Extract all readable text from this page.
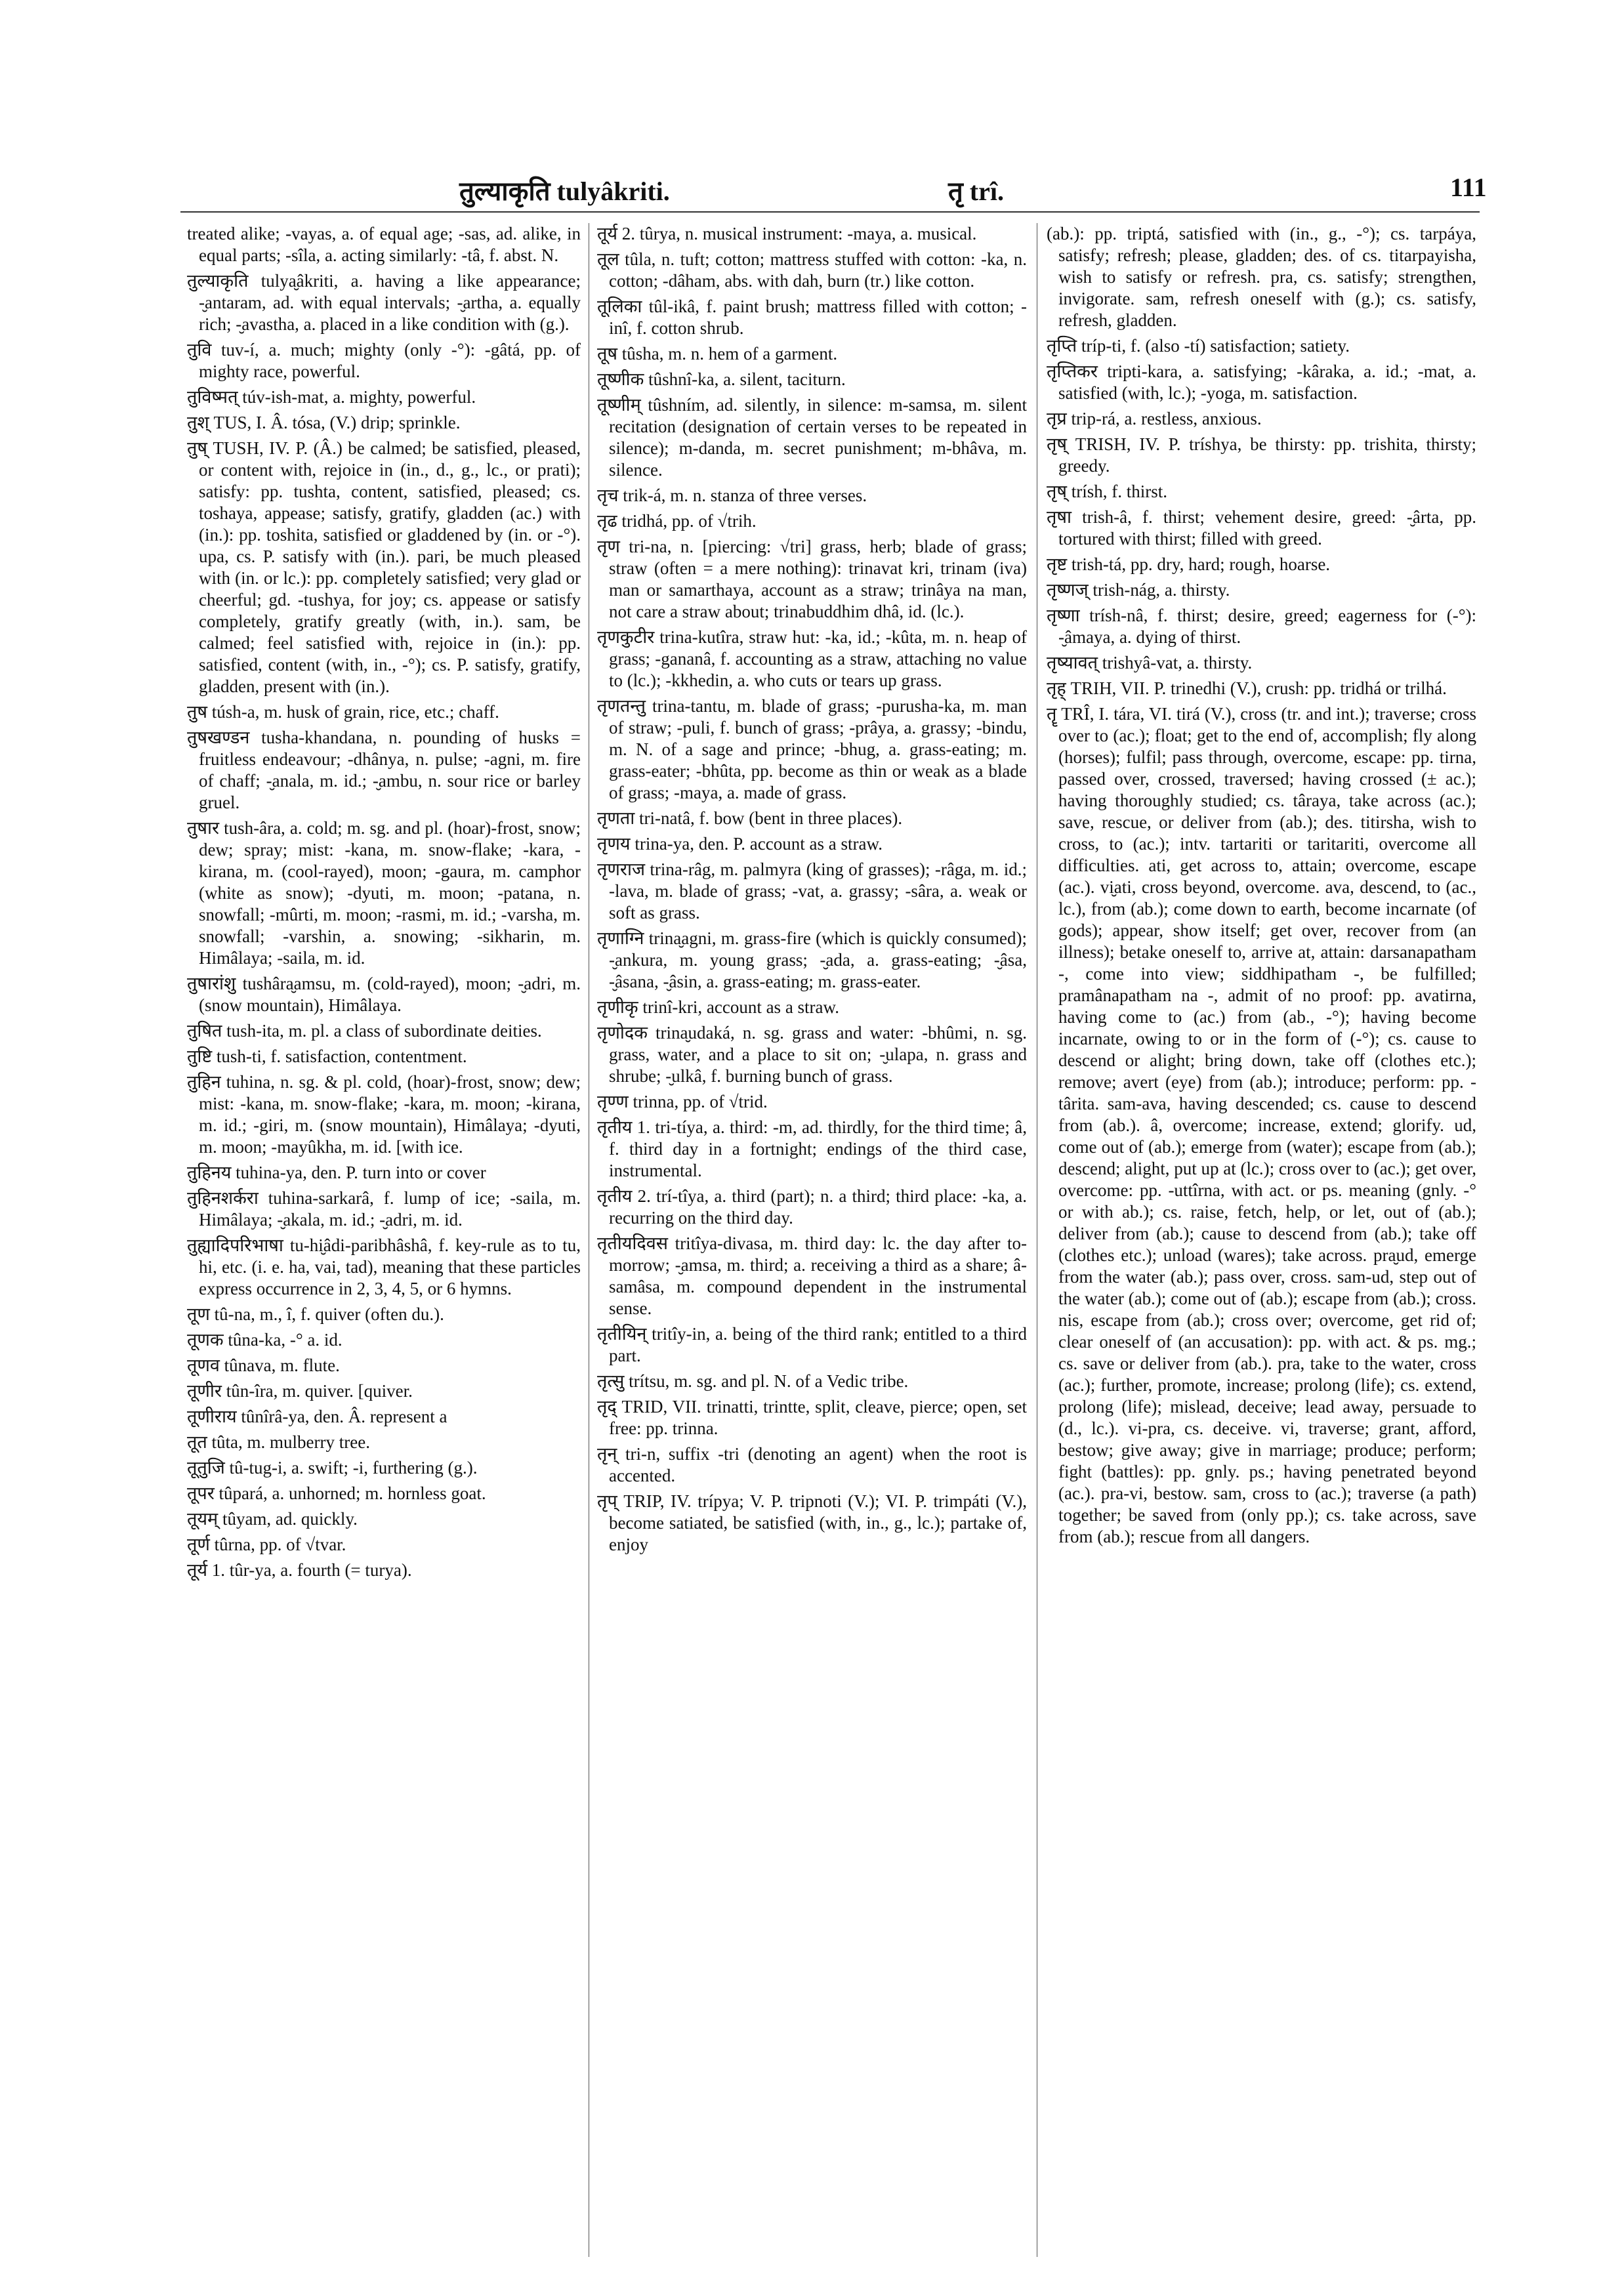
तुल्याकृति tulyâkriti.	तृ trî.	111

treated alike; -vayas, a. of equal age; -sas, ad. alike, in equal parts; -sîla, a. acting similarly: -tâ, f. abst. N.

तुल्याकृति tulya̮âkriti, a. having a like appearance; -̮antaram, ad. with equal intervals; -̮artha, a. equally rich; -̮avastha, a. placed in a like condition with (g.).

तुवि tuv-í, a. much; mighty (only -°): -gâtá, pp. of mighty race, powerful.

तुविष्मत् túv-ish-mat, a. mighty, powerful.

तुश् TUS, I. Â. tósa, (V.) drip; sprinkle.

तुष् TUSH, IV. P. (Â.) be calmed; be satisfied, pleased, or content with, rejoice in (in., d., g., lc., or prati); satisfy: pp. tushta, content, satisfied, pleased; cs. toshaya, appease; satisfy, gratify, gladden (ac.) with (in.): pp. toshita, satisfied or gladdened by (in. or -°). upa, cs. P. satisfy with (in.). pari, be much pleased with (in. or lc.): pp. completely satisfied; very glad or cheerful; gd. -tushya, for joy; cs. appease or satisfy completely, gratify greatly (with, in.). sam, be calmed; feel satisfied with, rejoice in (in.): pp. satisfied, content (with, in., -°); cs. P. satisfy, gratify, gladden, present with (in.).

तुष túsh-a, m. husk of grain, rice, etc.; chaff.

तुषखण्डन tusha-khandana, n. pounding of husks = fruitless endeavour; -dhânya, n. pulse; -agni, m. fire of chaff; -̮anala, m. id.; -̮ambu, n. sour rice or barley gruel.

तुषार tush-âra, a. cold; m. sg. and pl. (hoar)-frost, snow; dew; spray; mist: -kana, m. snow-flake; -kara, -kirana, m. (cool-rayed), moon; -gaura, m. camphor (white as snow); -dyuti, m. moon; -patana, n. snowfall; -mûrti, m. moon; -rasmi, m. id.; -varsha, m. snowfall; -varshin, a. snowing; -sikharin, m. Himâlaya; -saila, m. id.

तुषारांशु tushâra̮amsu, m. (cold-rayed), moon; -̮adri, m. (snow mountain), Himâlaya.

तुषित tush-ita, m. pl. a class of subordinate deities.

तुष्टि tush-ti, f. satisfaction, contentment.

तुहिन tuhina, n. sg. & pl. cold, (hoar)-frost, snow; dew; mist: -kana, m. snow-flake; -kara, m. moon; -kirana, m. id.; -giri, m. (snow mountain), Himâlaya; -dyuti, m. moon; -mayûkha, m. id. [with ice.

तुहिनय tuhina-ya, den. P. turn into or cover

तुहिनशर्करा tuhina-sarkarâ, f. lump of ice; -saila, m. Himâlaya; -̮akala, m. id.; -̮adri, m. id.

तुह्यादिपरिभाषा tu-hi̮âdi-paribhâshâ, f. key-rule as to tu, hi, etc. (i. e. ha, vai, tad), meaning that these particles express occurrence in 2, 3, 4, 5, or 6 hymns.

तूण tû-na, m., î, f. quiver (often du.).

तूणक tûna-ka, -° a. id.

तूणव tûnava, m. flute.

तूणीर tûn-îra, m. quiver. [quiver.

तूणीराय tûnîrâ-ya, den. Â. represent a

तूत tûta, m. mulberry tree.

तूतुजि tû-tug-i, a. swift; -i, furthering (g.).

तूपर tûpará, a. unhorned; m. hornless goat.

तूयम् tûyam, ad. quickly.

तूर्ण tûrna, pp. of √tvar.

तूर्य 1. tûr-ya, a. fourth (= turya).

तूर्य 2. tûrya, n. musical instrument: -maya, a. musical.

तूल tûla, n. tuft; cotton; mattress stuffed with cotton: -ka, n. cotton; -dâham, abs. with dah, burn (tr.) like cotton.

तूलिका tûl-ikâ, f. paint brush; mattress filled with cotton; -inî, f. cotton shrub.

तूष tûsha, m. n. hem of a garment.

तूष्णीक tûshnî-ka, a. silent, taciturn.

तूष्णीम् tûshním, ad. silently, in silence: m-samsa, m. silent recitation (designation of certain verses to be repeated in silence); m-danda, m. secret punishment; m-bhâva, m. silence.

तृच trik-á, m. n. stanza of three verses.

तृढ tridhá, pp. of √trih.

तृण tri-na, n. [piercing: √tri] grass, herb; blade of grass; straw (often = a mere nothing): trinavat kri, trinam (iva) man or samarthaya, account as a straw; trinâya na man, not care a straw about; trinabuddhim dhâ, id. (lc.).

तृणकुटीर trina-kutîra, straw hut: -ka, id.; -kûta, m. n. heap of grass; -gananâ, f. accounting as a straw, attaching no value to (lc.); -kkhedin, a. who cuts or tears up grass.

तृणतन्तु trina-tantu, m. blade of grass; -purusha-ka, m. man of straw; -puli, f. bunch of grass; -prâya, a. grassy; -bindu, m. N. of a sage and prince; -bhug, a. grass-eating; m. grass-eater; -bhûta, pp. become as thin or weak as a blade of grass; -maya, a. made of grass.

तृणता tri-natâ, f. bow (bent in three places).

तृणय trina-ya, den. P. account as a straw.

तृणराज trina-râg, m. palmyra (king of grasses); -râga, m. id.; -lava, m. blade of grass; -vat, a. grassy; -sâra, a. weak or soft as grass.

तृणाग्नि trina̮agni, m. grass-fire (which is quickly consumed); -̮ankura, m. young grass; -̮ada, a. grass-eating; -̮âsa, -̮âsana, -̮âsin, a. grass-eating; m. grass-eater.

तृणीकृ trinî-kri, account as a straw.

तृणोदक trina̮udaká, n. sg. grass and water: -bhûmi, n. sg. grass, water, and a place to sit on; -̮ulapa, n. grass and shrube; -̮ulkâ, f. burning bunch of grass.

तृण्ण trinna, pp. of √trid.

तृतीय 1. tri-tíya, a. third: -m, ad. thirdly, for the third time; â, f. third day in a fortnight; endings of the third case, instrumental.

तृतीय 2. trí-tîya, a. third (part); n. a third; third place: -ka, a. recurring on the third day.

तृतीयदिवस tritîya-divasa, m. third day: lc. the day after to-morrow; -̮amsa, m. third; a. receiving a third as a share; â-samâsa, m. compound dependent in the instrumental sense.

तृतीयिन् tritîy-in, a. being of the third rank; entitled to a third part.

तृत्सु trítsu, m. sg. and pl. N. of a Vedic tribe.

तृद् TRID, VII. trinatti, trintte, split, cleave, pierce; open, set free: pp. trinna.

तृन् tri-n, suffix -tri (denoting an agent) when the root is accented.

तृप् TRIP, IV. trípya; V. P. tripnoti (V.); VI. P. trimpáti (V.), become satiated, be satisfied (with, in., g., lc.); partake of, enjoy

(ab.): pp. triptá, satisfied with (in., g., -°); cs. tarpáya, satisfy; refresh; please, gladden; des. of cs. titarpayisha, wish to satisfy or refresh. pra, cs. satisfy; strengthen, invigorate. sam, refresh oneself with (g.); cs. satisfy, refresh, gladden.

तृप्ति tríp-ti, f. (also -tí) satisfaction; satiety.

तृप्तिकर tripti-kara, a. satisfying; -kâraka, a. id.; -mat, a. satisfied (with, lc.); -yoga, m. satisfaction.

तृप्र trip-rá, a. restless, anxious.

तृष् TRISH, IV. P. tríshya, be thirsty: pp. trishita, thirsty; greedy.

तृष् trísh, f. thirst.

तृषा trish-â, f. thirst; vehement desire, greed: -̮ârta, pp. tortured with thirst; filled with greed.

तृष्ट trish-tá, pp. dry, hard; rough, hoarse.

तृष्णज् trish-nág, a. thirsty.

तृष्णा trísh-nâ, f. thirst; desire, greed; eagerness for (-°): -̮âmaya, a. dying of thirst.

तृष्यावत् trishyâ-vat, a. thirsty.

तृह् TRIH, VII. P. trinedhi (V.), crush: pp. tridhá or trilhá.

तॄ TRÎ, I. tára, VI. tirá (V.), cross (tr. and int.); traverse; cross over to (ac.); float; get to the end of, accomplish; fly along (horses); fulfil; pass through, overcome, escape: pp. tirna, passed over, crossed, traversed; having crossed (± ac.); having thoroughly studied; cs. târaya, take across (ac.); save, rescue, or deliver from (ab.); des. titirsha, wish to cross, to (ac.); intv. tartariti or taritariti, overcome all difficulties. ati, get across to, attain; overcome, escape (ac.). vi̮ati, cross beyond, overcome. ava, descend, to (ac., lc.), from (ab.); come down to earth, become incarnate (of gods); appear, show itself; get over, recover from (an illness); betake oneself to, arrive at, attain: darsanapatham -, come into view; siddhipatham -, be fulfilled; pramânapatham na -, admit of no proof: pp. avatirna, having come to (ac.) from (ab., -°); having become incarnate, owing to or in the form of (-°); cs. cause to descend or alight; bring down, take off (clothes etc.); remove; avert (eye) from (ab.); introduce; perform: pp. -târita. sam-ava, having descended; cs. cause to descend from (ab.). â, overcome; increase, extend; glorify. ud, come out of (ab.); emerge from (water); escape from (ab.); descend; alight, put up at (lc.); cross over to (ac.); get over, overcome: pp. -uttîrna, with act. or ps. meaning (gnly. -° or with ab.); cs. raise, fetch, help, or let, out of (ab.); deliver from (ab.); cause to descend from (ab.); take off (clothes etc.); unload (wares); take across. pra̮ud, emerge from the water (ab.); pass over, cross. sam-ud, step out of the water (ab.); come out of (ab.); escape from (ab.); cross. nis, escape from (ab.); cross over; overcome, get rid of; clear oneself of (an accusation): pp. with act. & ps. mg.; cs. save or deliver from (ab.). pra, take to the water, cross (ac.); further, promote, increase; prolong (life); cs. extend, prolong (life); mislead, deceive; lead away, persuade to (d., lc.). vi-pra, cs. deceive. vi, traverse; grant, afford, bestow; give away; give in marriage; produce; perform; fight (battles): pp. gnly. ps.; having penetrated beyond (ac.). pra-vi, bestow. sam, cross to (ac.); traverse (a path) together; be saved from (only pp.); cs. take across, save from (ab.); rescue from all dangers.
